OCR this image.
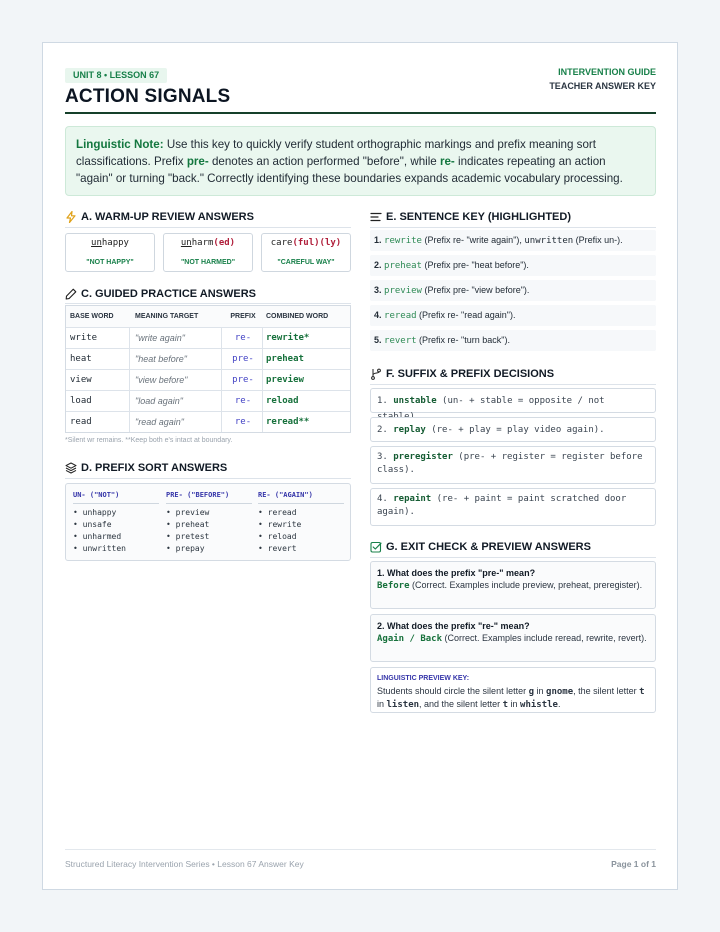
UNIT 8 • LESSON 67
ACTION SIGNALS
INTERVENTION GUIDE
TEACHER ANSWER KEY
Linguistic Note: Use this key to quickly verify student orthographic markings and prefix meaning sort classifications. Prefix pre- denotes an action performed "before", while re- indicates repeating an action "again" or turning "back." Correctly identifying these boundaries expands academic vocabulary processing.
A. WARM-UP REVIEW ANSWERS
unhappy
"NOT HAPPY"
unharm(ed)
"NOT HARMED"
care(ful)(ly)
"CAREFUL WAY"
C. GUIDED PRACTICE ANSWERS
BASE WORD	MEANING TARGET	PREFIX	COMBINED WORD
write	"write again"	re-	rewrite*
heat	"heat before"	pre-	preheat
view	"view before"	pre-	preview
load	"load again"	re-	reload
read	"read again"	re-	reread**
*Silent wr remains. **Keep both e's intact at boundary.
D. PREFIX SORT ANSWERS
UN- ("NOT")
• unhappy
• unsafe
• unharmed
• unwritten
PRE- ("BEFORE")
• preview
• preheat
• pretest
• prepay
RE- ("AGAIN")
• reread
• rewrite
• reload
• revert
E. SENTENCE KEY (HIGHLIGHTED)
1. rewrite (Prefix re- "write again"), unwritten (Prefix un-).
2. preheat (Prefix pre- "heat before").
3. preview (Prefix pre- "view before").
4. reread (Prefix re- "read again").
5. revert (Prefix re- "turn back").
F. SUFFIX & PREFIX DECISIONS
1. unstable (un- + stable = opposite / not
2. replay (re- + play = play video again).
3. preregister (pre- + register = register before class).
4. repaint (re- + paint = paint scratched door again).
G. EXIT CHECK & PREVIEW ANSWERS
1. What does the prefix "pre-" mean?
Before (Correct. Examples include preview, preheat, preregister).
2. What does the prefix "re-" mean?
Again / Back (Correct. Examples include reread, rewrite, revert).
LINGUISTIC PREVIEW KEY:
Students should circle the silent letter g in gnome, the silent letter t in listen, and the silent letter t in whistle.
Structured Literacy Intervention Series • Lesson 67 Answer Key	Page 1 of 1
